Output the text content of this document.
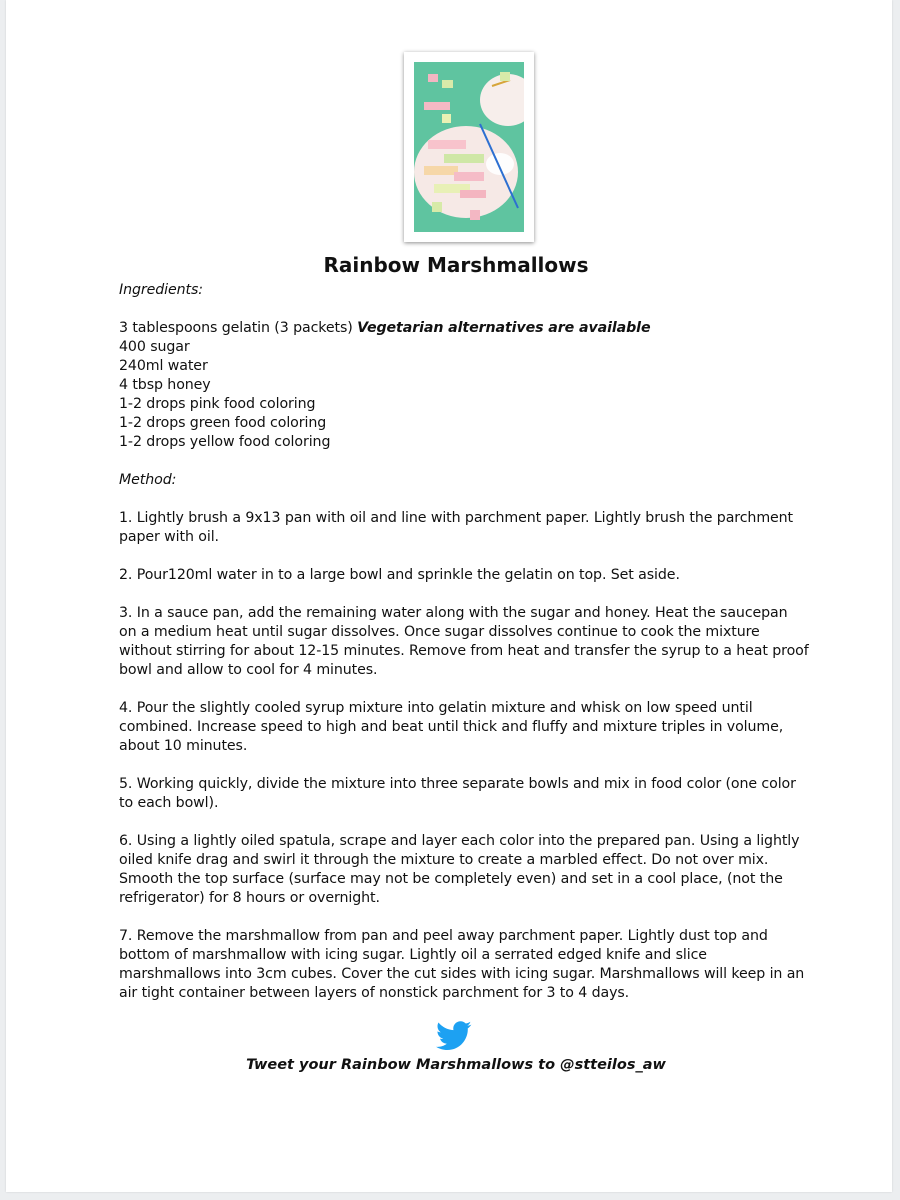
Rainbow Marshmallows

Ingredients:

3 tablespoons gelatin (3 packets) Vegetarian alternatives are available

400 sugar

240ml water

4 tbsp honey

1-2 drops pink food coloring

1-2 drops green food coloring

1-2 drops yellow food coloring

Method:

1. Lightly brush a 9x13 pan with oil and line with parchment paper. Lightly brush the parchment paper with oil.

2. Pour120ml water in to a large bowl and sprinkle the gelatin on top. Set aside.

3. In a sauce pan, add the remaining water along with the sugar and honey. Heat the saucepan on a medium heat until sugar dissolves. Once sugar dissolves continue to cook the mixture without stirring for about 12-15 minutes. Remove from heat and transfer the syrup to a heat proof bowl and allow to cool for 4 minutes.

4. Pour the slightly cooled syrup mixture into gelatin mixture and whisk on low speed until combined. Increase speed to high and beat until thick and fluffy and mixture triples in volume, about 10 minutes.

5. Working quickly, divide the mixture into three separate bowls and mix in food color (one color to each bowl).

6. Using a lightly oiled spatula, scrape and layer each color into the prepared pan. Using a lightly oiled knife drag and swirl it through the mixture to create a marbled effect. Do not over mix. Smooth the top surface (surface may not be completely even) and set in a cool place, (not the refrigerator) for 8 hours or overnight.

7. Remove the marshmallow from pan and peel away parchment paper. Lightly dust top and bottom of marshmallow with icing sugar. Lightly oil a serrated edged knife and slice marshmallows into 3cm cubes. Cover the cut sides with icing sugar. Marshmallows will keep in an air tight container between layers of nonstick parchment for 3 to 4 days.

Tweet your Rainbow Marshmallows to @stteilos_aw
